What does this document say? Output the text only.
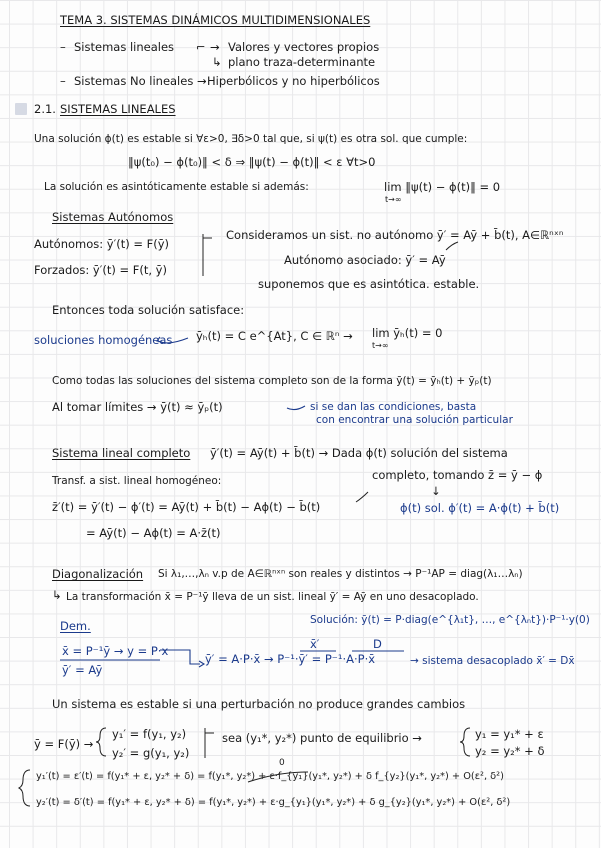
TEMA 3. SISTEMAS DINÁMICOS MULTIDIMENSIONALES
– Sistemas lineales ⌐ → Valores y vectores propios
↳ plano traza-determinante
– Sistemas No lineales → Hiperbólicos y no hiperbólicos
2.1. SISTEMAS LINEALES
Una solución ϕ(t) es estable si ∀ε>0, ∃δ>0 tal que, si ψ(t) es otra sol. que cumple:
‖ψ(t₀) − ϕ(t₀)‖ < δ ⇒ ‖ψ(t) − ϕ(t)‖ < ε ∀t>0
La solución es asintóticamente estable si además:	lim ‖ψ(t) − ϕ(t)‖ = 0
t→∞
Sistemas Autónomos
Autónomos: ȳ′(t) = F(ȳ)
Forzados: ȳ′(t) = F(t, ȳ)
Consideramos un sist. no autónomo ȳ′ = Aȳ + b̄(t), A∈ℝⁿˣⁿ
Autónomo asociado: ȳ′ = Aȳ
suponemos que es asintótica. estable.
Entonces toda solución satisface:
soluciones homogéneas ȳₕ(t) = C e^{At}, C ∈ ℝⁿ → lim ȳₕ(t) = 0
t→∞
Como todas las soluciones del sistema completo son de la forma ȳ(t) = ȳₕ(t) + ȳₚ(t)
Al tomar límites → ȳ(t) ≈ ȳₚ(t)	si se dan las condiciones, basta
con encontrar una solución particular
Sistema lineal completo ȳ′(t) = Aȳ(t) + b̄(t) → Dada ϕ(t) solución del sistema
completo, tomando z̄ = ȳ − ϕ
Transf. a sist. lineal homogéneo:
z̄′(t) = ȳ′(t) − ϕ′(t) = Aȳ(t) + b̄(t) − Aϕ(t) − b̄(t)
= Aȳ(t) − Aϕ(t) = A·z̄(t)
ϕ(t) sol. ϕ′(t) = A·ϕ(t) + b̄(t)
↓
Diagonalización Si λ₁,…,λₙ v.p de A∈ℝⁿˣⁿ son reales y distintos → P⁻¹AP = diag(λ₁…λₙ)
↳ La transformación x̄ = P⁻¹ȳ lleva de un sist. lineal ȳ′ = Aȳ en uno desacoplado.
Dem.	Solución: ȳ(t) = P·diag(e^{λ₁t}, …, e^{λₙt})·P⁻¹·y(0)
x̄ = P⁻¹ȳ → y = P·x
ȳ′ = Aȳ
ȳ′ = A·P·x̄ → P⁻¹·ȳ′ = P⁻¹·A·P·x̄
x̄′	D
→ sistema desacoplado x̄′ = Dx̄
Un sistema es estable si una perturbación no produce grandes cambios
ȳ = F(ȳ) →
y₁′ = f(y₁, y₂)
y₂′ = g(y₁, y₂)
sea (y₁*, y₂*) punto de equilibrio →	y₁ = y₁* + ε
y₂ = y₂* + δ
0
y₁′(t) = ε′(t) = f(y₁* + ε, y₂* + δ) = f(y₁*, y₂*) + ε·f_{y₁}(y₁*, y₂*) + δ f_{y₂}(y₁*, y₂*) + O(ε², δ²)
y₂′(t) = δ′(t) = f(y₁* + ε, y₂* + δ) = f(y₁*, y₂*) + ε·g_{y₁}(y₁*, y₂*) + δ g_{y₂}(y₁*, y₂*) + O(ε², δ²)
